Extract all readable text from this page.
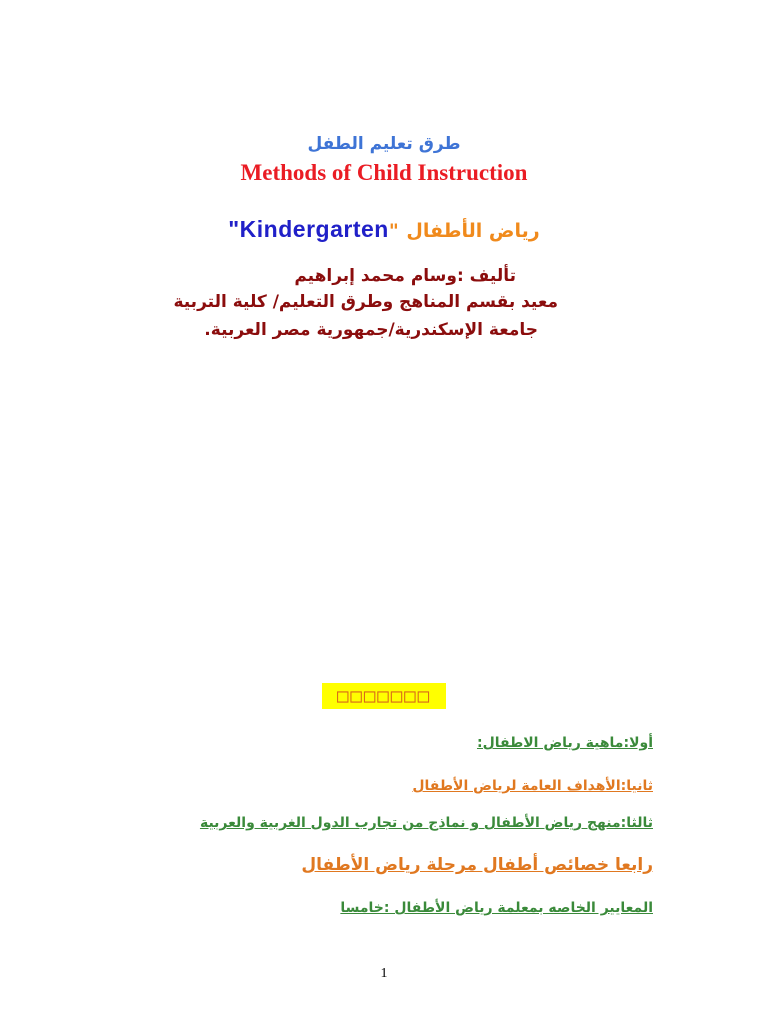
طرق تعليم الطفل
Methods of Child Instruction
"Kindergarten" رياض الأطفال
تأليف :وسام محمد إبراهيم
معيد بقسم المناهج وطرق التعليم/ كلية التربية
جامعة الإسكندرية/جمهورية مصر العربية.
□□□□□□□
أولا:ماهية رياض الاطفال:
ثانيا:الأهداف العامة لرياض الأطفال
ثالثا:منهج رياض الأطفال و نماذج من تجارب الدول الغربية والعربية
رابعا خصائص أطفال مرحلة رياض الأطفال
المعايير الخاصه بمعلمة رياض الأطفال :خامسا
1
